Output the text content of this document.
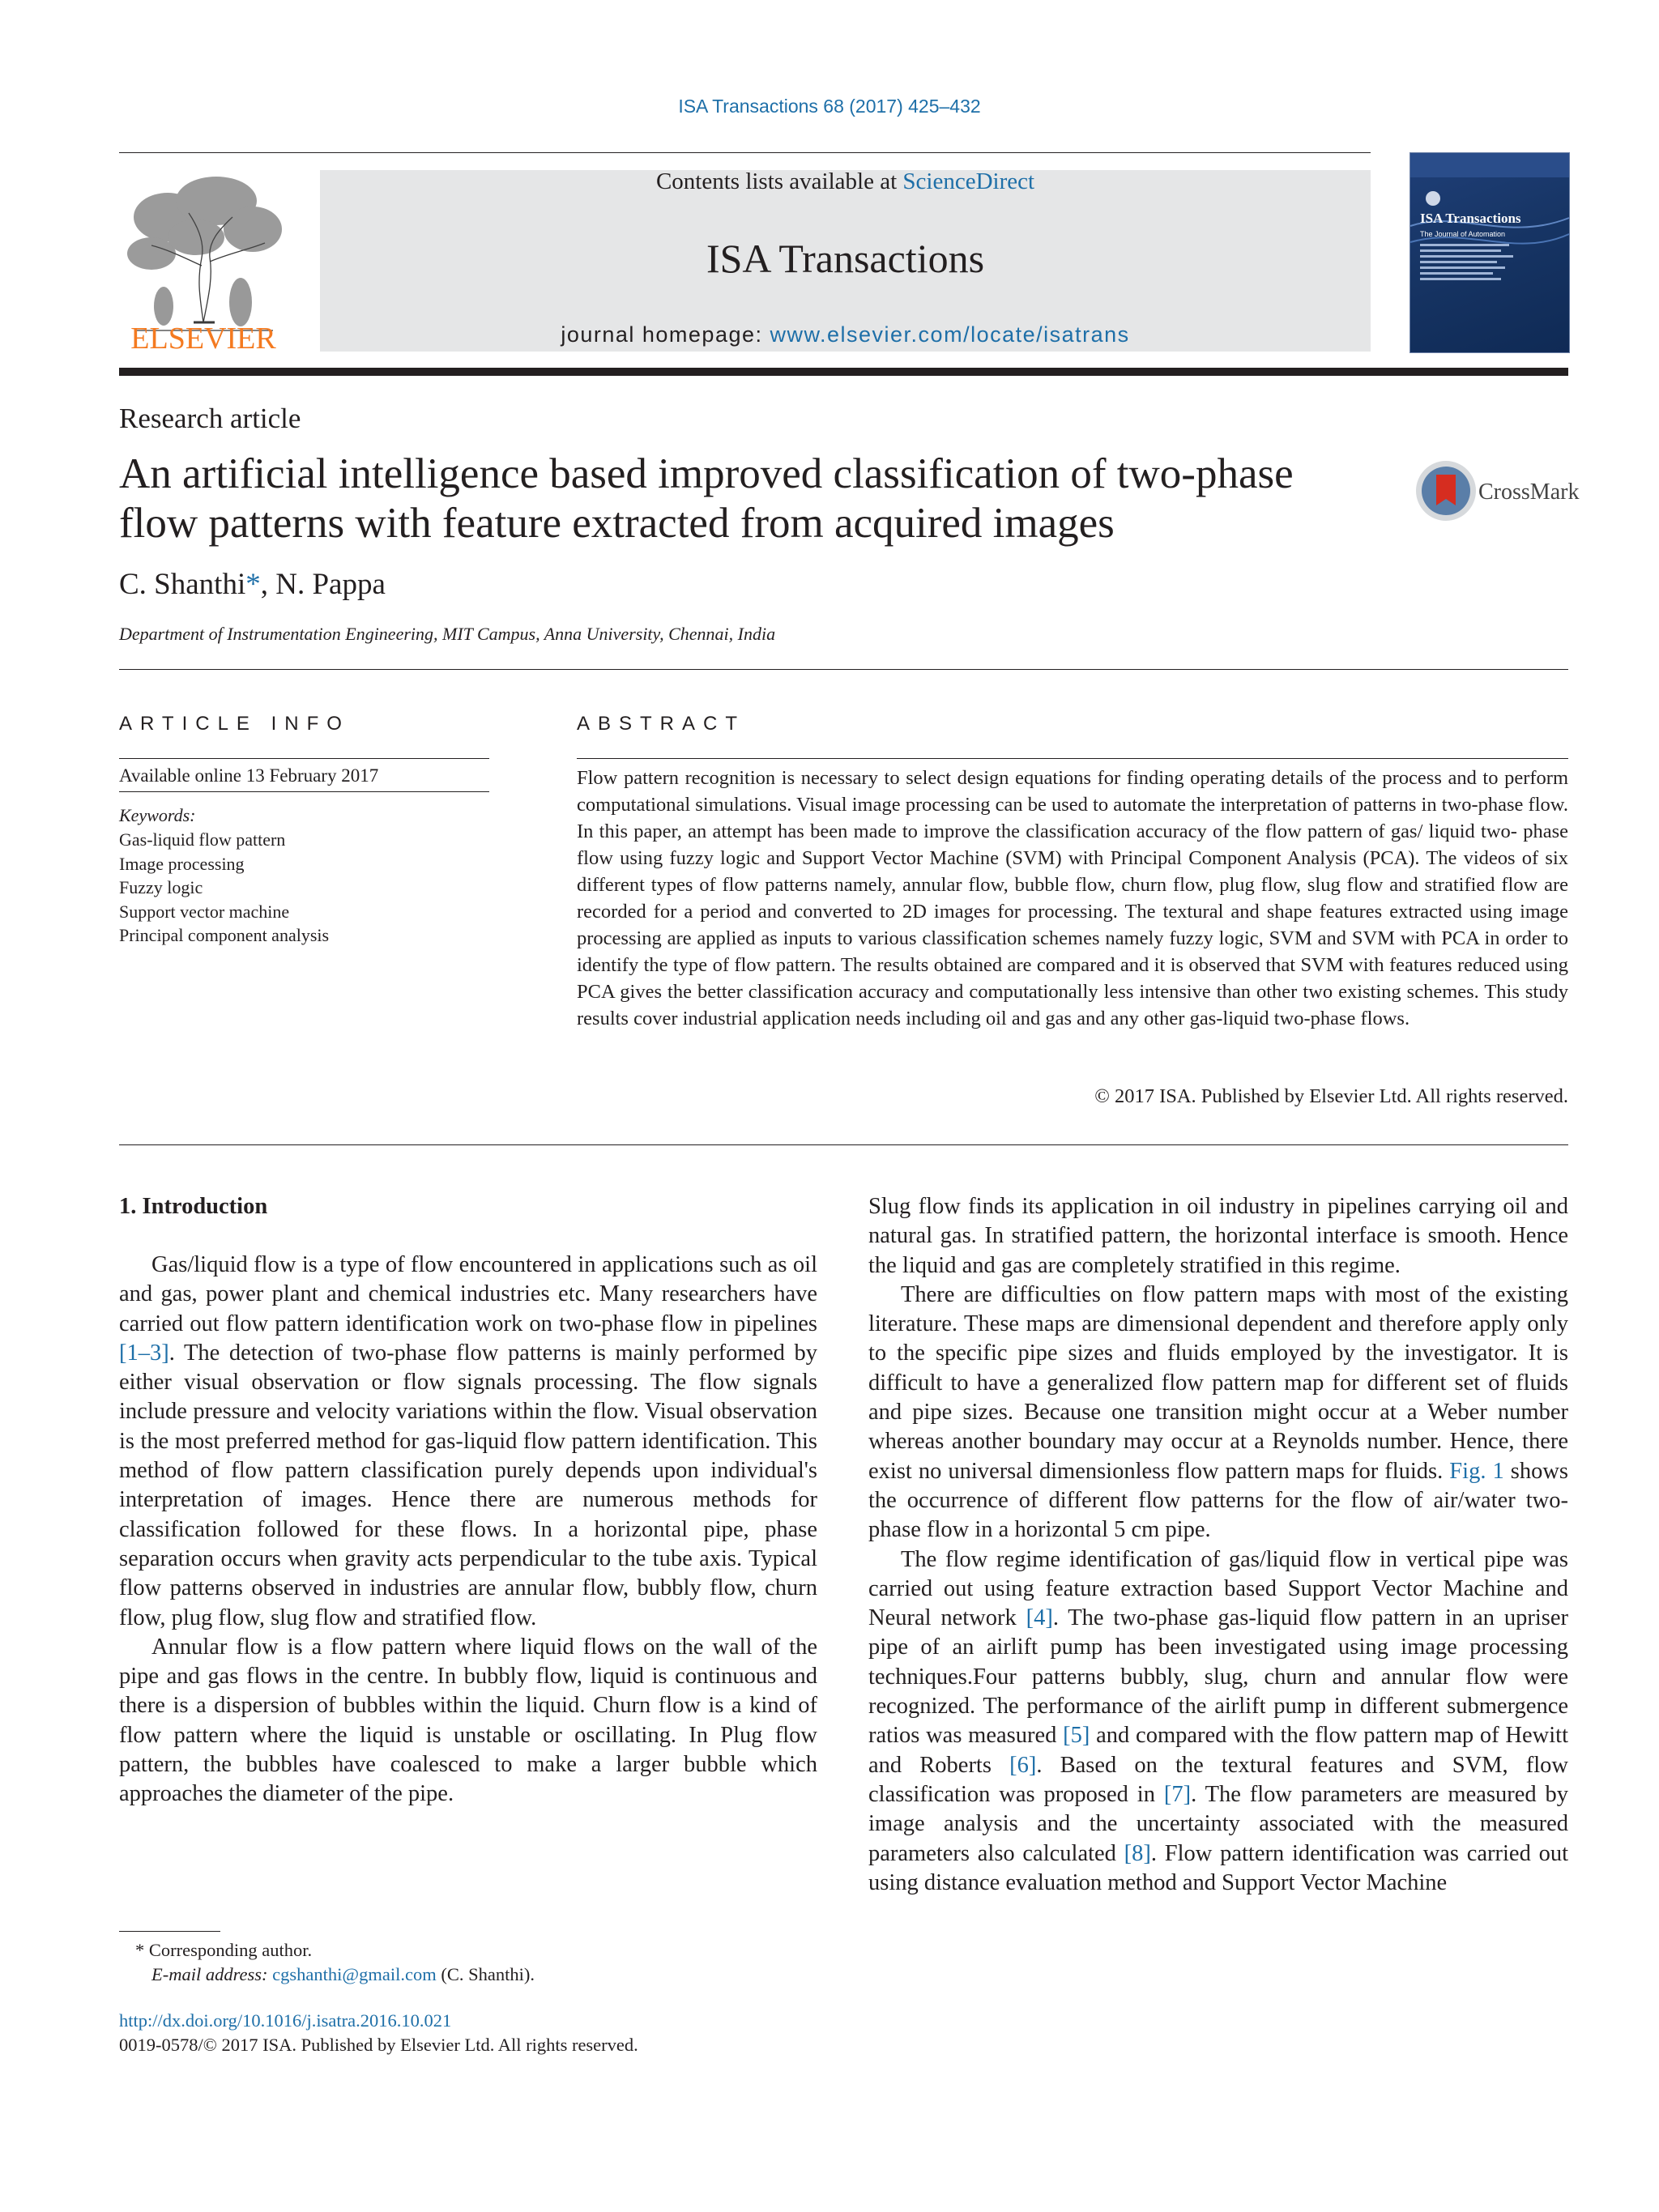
ISA Transactions 68 (2017) 425–432
ELSEVIER
Contents lists available at ScienceDirect
ISA Transactions
journal homepage: www.elsevier.com/locate/isatrans
ISA Transactions
The Journal of Automation
Research article
An artificial intelligence based improved classification of two-phase
flow patterns with feature extracted from acquired images
CrossMark
C. Shanthi*, N. Pappa
Department of Instrumentation Engineering, MIT Campus, Anna University, Chennai, India
ARTICLE INFO
Available online 13 February 2017
Keywords:
Gas-liquid flow pattern
Image processing
Fuzzy logic
Support vector machine
Principal component analysis
ABSTRACT
Flow pattern recognition is necessary to select design equations for finding operating details of the process and to perform computational simulations. Visual image processing can be used to automate the interpretation of patterns in two-phase flow. In this paper, an attempt has been made to improve the classification accuracy of the flow pattern of gas/ liquid two- phase flow using fuzzy logic and Support Vector Machine (SVM) with Principal Component Analysis (PCA). The videos of six different types of flow patterns namely, annular flow, bubble flow, churn flow, plug flow, slug flow and stratified flow are recorded for a period and converted to 2D images for processing. The textural and shape features extracted using image processing are applied as inputs to various classification schemes namely fuzzy logic, SVM and SVM with PCA in order to identify the type of flow pattern. The results obtained are compared and it is observed that SVM with features reduced using PCA gives the better classification accuracy and computationally less intensive than other two existing schemes. This study results cover industrial application needs including oil and gas and any other gas-liquid two-phase flows.
© 2017 ISA. Published by Elsevier Ltd. All rights reserved.
1. Introduction

Gas/liquid flow is a type of flow encountered in applications such as oil and gas, power plant and chemical industries etc. Many researchers have carried out flow pattern identification work on two-phase flow in pipelines [1–3]. The detection of two-phase flow patterns is mainly performed by either visual observation or flow signals processing. The flow signals include pressure and velocity variations within the flow. Visual observation is the most preferred method for gas-liquid flow pattern identification. This method of flow pattern classification purely depends upon individual's interpretation of images. Hence there are numerous methods for classification followed for these flows. In a horizontal pipe, phase separation occurs when gravity acts perpendicular to the tube axis. Typical flow patterns observed in industries are annular flow, bubbly flow, churn flow, plug flow, slug flow and stratified flow.

Annular flow is a flow pattern where liquid flows on the wall of the pipe and gas flows in the centre. In bubbly flow, liquid is continuous and there is a dispersion of bubbles within the liquid. Churn flow is a kind of flow pattern where the liquid is unstable or oscillating. In Plug flow pattern, the bubbles have coalesced to make a larger bubble which approaches the diameter of the pipe.

Slug flow finds its application in oil industry in pipelines carrying oil and natural gas. In stratified pattern, the horizontal interface is smooth. Hence the liquid and gas are completely stratified in this regime.

There are difficulties on flow pattern maps with most of the existing literature. These maps are dimensional dependent and therefore apply only to the specific pipe sizes and fluids employed by the investigator. It is difficult to have a generalized flow pattern map for different set of fluids and pipe sizes. Because one transition might occur at a Weber number whereas another boundary may occur at a Reynolds number. Hence, there exist no universal dimensionless flow pattern maps for fluids. Fig. 1 shows the occurrence of different flow patterns for the flow of air/water two-phase flow in a horizontal 5 cm pipe.

The flow regime identification of gas/liquid flow in vertical pipe was carried out using feature extraction based Support Vector Machine and Neural network [4]. The two-phase gas-liquid flow pattern in an upriser pipe of an airlift pump has been investigated using image processing techniques.Four patterns bubbly, slug, churn and annular flow were recognized. The performance of the airlift pump in different submergence ratios was measured [5] and compared with the flow pattern map of Hewitt and Roberts [6]. Based on the textural features and SVM, flow classification was proposed in [7]. The flow parameters are measured by image analysis and the uncertainty associated with the measured parameters also calculated [8]. Flow pattern identification was carried out using distance evaluation method and Support Vector Machine

* Corresponding author.
E-mail address: cgshanthi@gmail.com (C. Shanthi).
http://dx.doi.org/10.1016/j.isatra.2016.10.021
0019-0578/© 2017 ISA. Published by Elsevier Ltd. All rights reserved.
